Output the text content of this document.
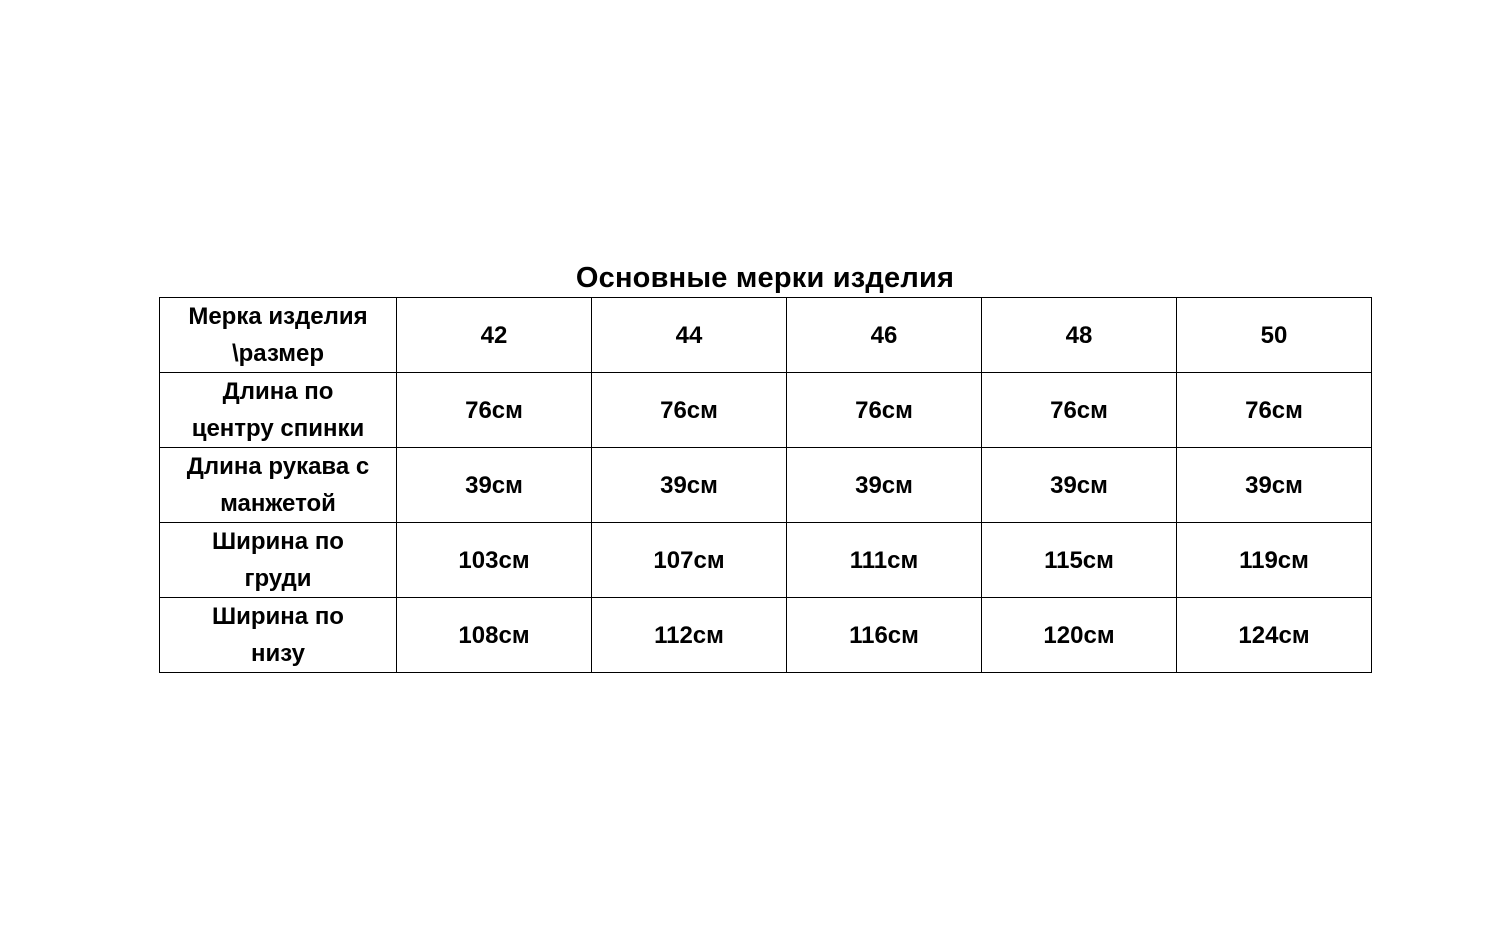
Основные мерки изделия
Мерка изделия
\размер	42	44	46	48	50
Длина по
центру спинки	76см	76см	76см	76см	76см
Длина рукава с
манжетой	39см	39см	39см	39см	39см
Ширина по
груди	103см	107см	111см	115см	119см
Ширина по
низу	108см	112см	116см	120см	124см
